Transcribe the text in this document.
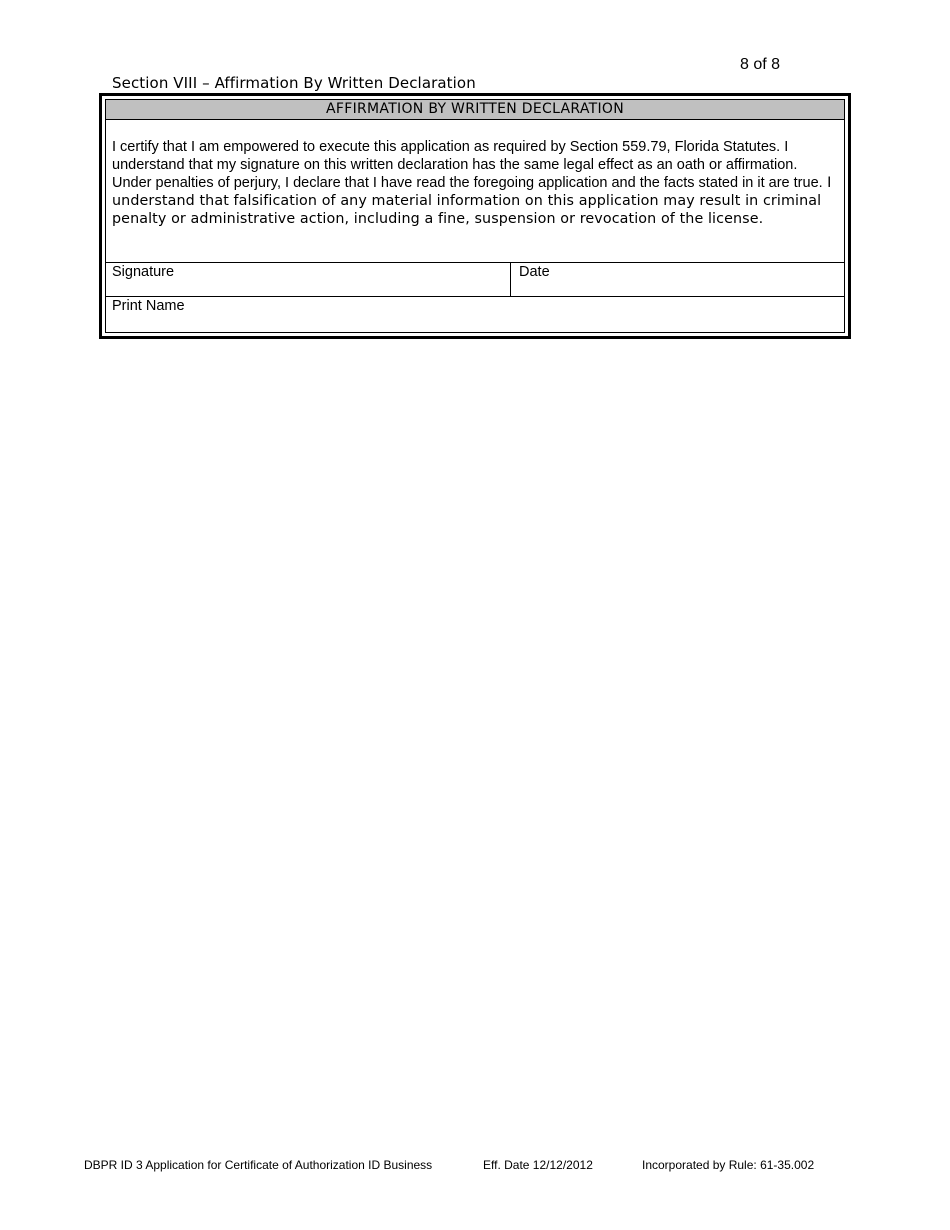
8 of 8
Section VIII – Affirmation By Written Declaration
AFFIRMATION BY WRITTEN DECLARATION
I certify that I am empowered to execute this application as required by Section 559.79, Florida Statutes. I understand that my signature on this written declaration has the same legal effect as an oath or affirmation. Under penalties of perjury, I declare that I have read the foregoing application and the facts stated in it are true. I understand that falsification of any material information on this application may result in criminal penalty or administrative action, including a fine, suspension or revocation of the license.
Signature	Date
Print Name
DBPR ID 3 Application for Certificate of Authorization ID Business	Eff. Date 12/12/2012	Incorporated by Rule: 61-35.002
